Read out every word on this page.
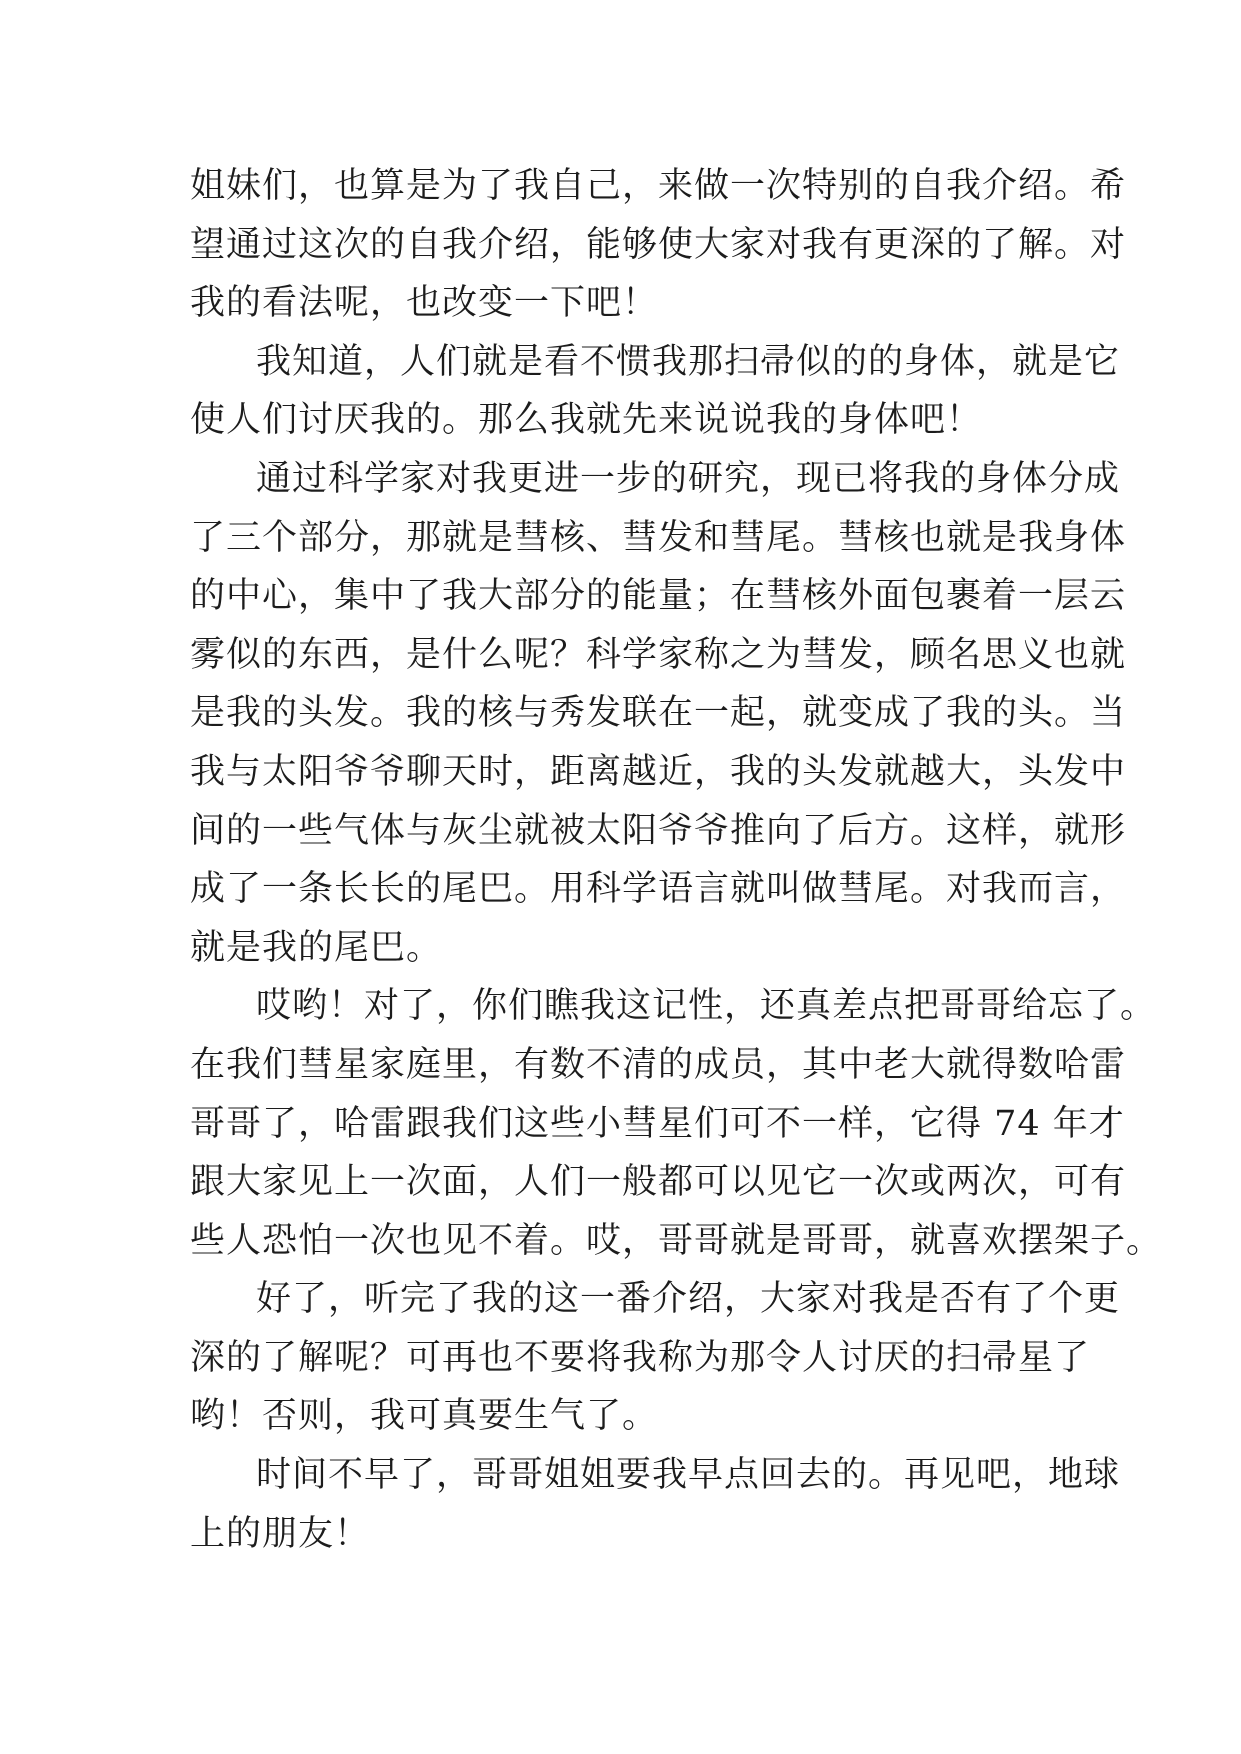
姐妹们，也算是为了我自己，来做一次特别的自我介绍。希
望通过这次的自我介绍，能够使大家对我有更深的了解。对
我的看法呢，也改变一下吧！

我知道，人们就是看不惯我那扫帚似的的身体，就是它
使人们讨厌我的。那么我就先来说说我的身体吧！

通过科学家对我更进一步的研究，现已将我的身体分成
了三个部分，那就是彗核、彗发和彗尾。彗核也就是我身体
的中心，集中了我大部分的能量；在彗核外面包裹着一层云
雾似的东西，是什么呢？科学家称之为彗发，顾名思义也就
是我的头发。我的核与秀发联在一起，就变成了我的头。当
我与太阳爷爷聊天时，距离越近，我的头发就越大，头发中
间的一些气体与灰尘就被太阳爷爷推向了后方。这样，就形
成了一条长长的尾巴。用科学语言就叫做彗尾。对我而言，
就是我的尾巴。

哎哟！对了，你们瞧我这记性，还真差点把哥哥给忘了。
在我们彗星家庭里，有数不清的成员，其中老大就得数哈雷
哥哥了，哈雷跟我们这些小彗星们可不一样，它得 74 年才
跟大家见上一次面，人们一般都可以见它一次或两次，可有
些人恐怕一次也见不着。哎，哥哥就是哥哥，就喜欢摆架子。

好了，听完了我的这一番介绍，大家对我是否有了个更
深的了解呢？可再也不要将我称为那令人讨厌的扫帚星了
哟！否则，我可真要生气了。

时间不早了，哥哥姐姐要我早点回去的。再见吧，地球
上的朋友！
